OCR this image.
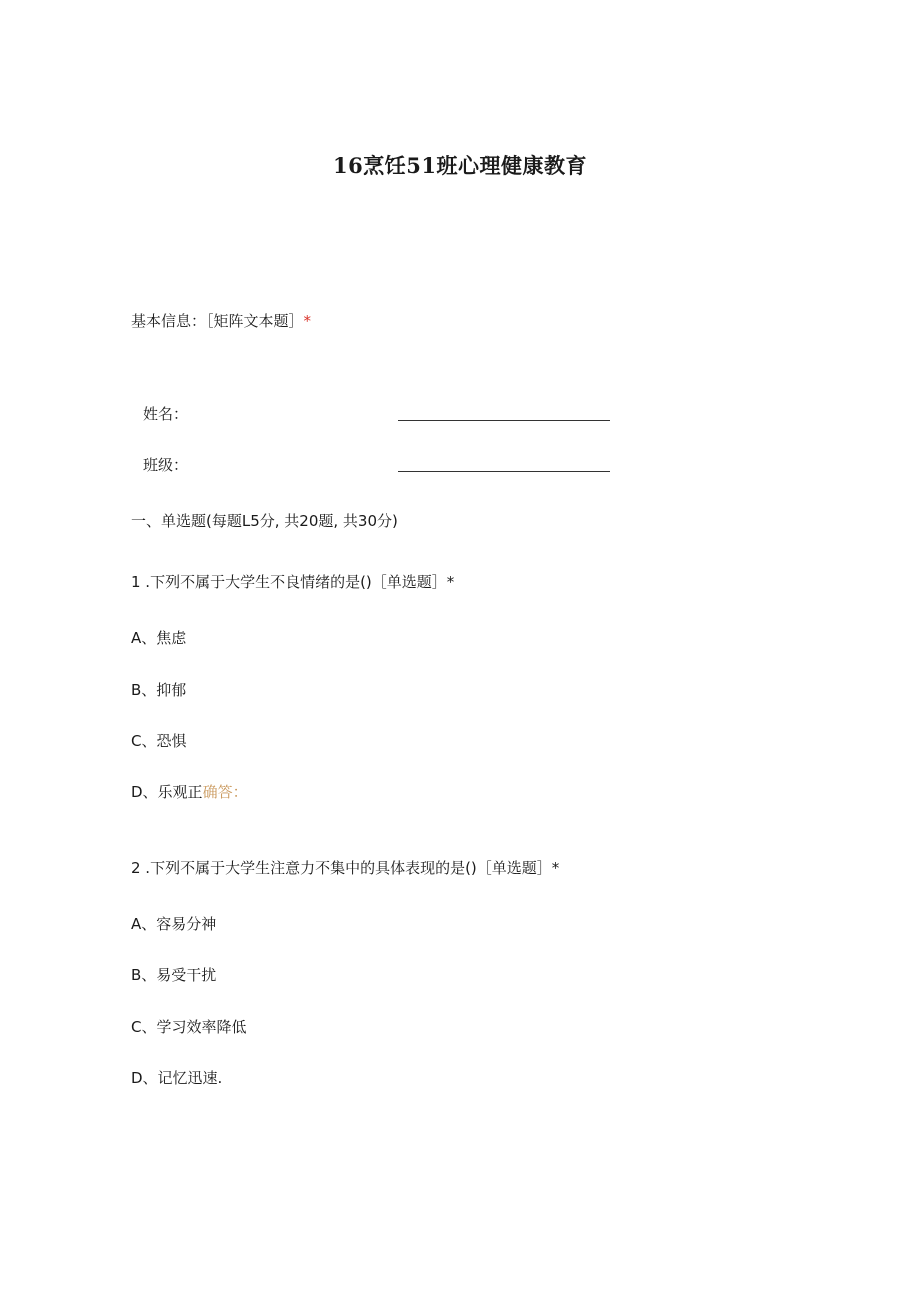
16烹饪51班心理健康教育
基本信息：［矩阵文本题］*
姓名：
班级：
一、单选题(每题L5分, 共20题, 共30分)
1 .下列不属于大学生不良情绪的是()［单选题］*
A、焦虑
B、抑郁
C、恐惧
D、乐观正确答：
2 .下列不属于大学生注意力不集中的具体表现的是()［单选题］*
A、容易分神
B、易受干扰
C、学习效率降低
D、记忆迅速.
